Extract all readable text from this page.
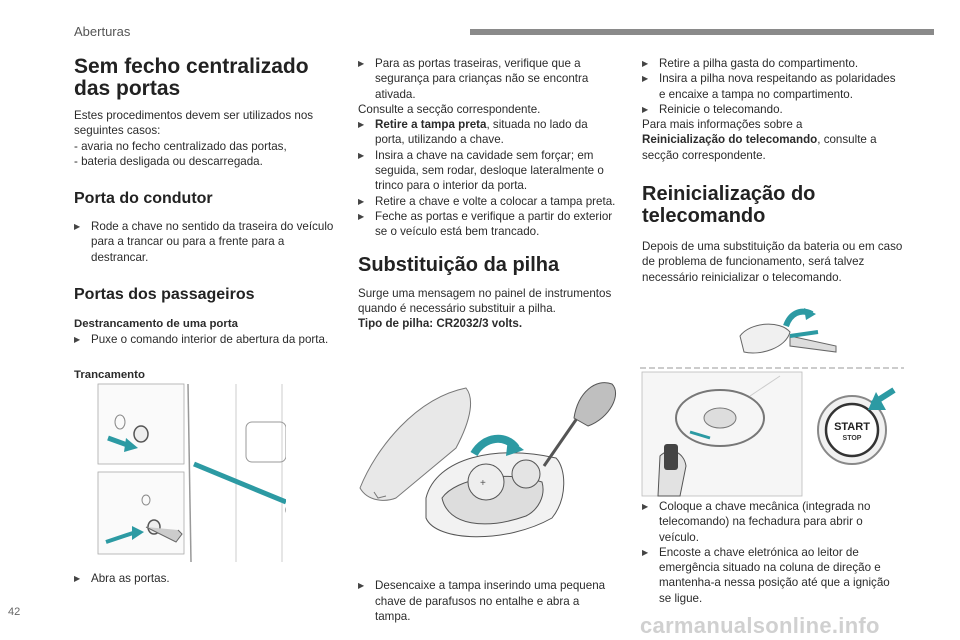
Aberturas
Sem fecho centralizado das portas

Estes procedimentos devem ser utilizados nos seguintes casos:

- avaria no fecho centralizado das portas,

- bateria desligada ou descarregada.

Porta do condutor

▶ Rode a chave no sentido da traseira do veículo para a trancar ou para a frente para a destrancar.

Portas dos passageiros

Destrancamento de uma porta

▶ Puxe o comando interior de abertura da porta.

Trancamento

▶ Abra as portas.

▶ Para as portas traseiras, verifique que a segurança para crianças não se encontra ativada.

Consulte a secção correspondente.

▶ Retire a tampa preta, situada no lado da porta, utilizando a chave.

▶ Insira a chave na cavidade sem forçar; em seguida, sem rodar, desloque lateralmente o trinco para o interior da porta.

▶ Retire a chave e volte a colocar a tampa preta.

▶ Feche as portas e verifique a partir do exterior se o veículo está bem trancado.

Substituição da pilha

Surge uma mensagem no painel de instrumentos quando é necessário substituir a pilha.

Tipo de pilha: CR2032/3 volts.

+

▶ Desencaixe a tampa inserindo uma pequena chave de parafusos no entalhe e abra a tampa.

▶ Retire a pilha gasta do compartimento.

▶ Insira a pilha nova respeitando as polaridades e encaixe a tampa no compartimento.

▶ Reinicie o telecomando.

Para mais informações sobre a

Reinicialização do telecomando, consulte a secção correspondente.

Reinicialização do telecomando

Depois de uma substituição da bateria ou em caso de problema de funcionamento, será talvez necessário reinicializar o telecomando.

START
STOP

▶ Coloque a chave mecânica (integrada no telecomando) na fechadura para abrir o veículo.

▶ Encoste a chave eletrónica ao leitor de emergência situado na coluna de direção e mantenha-a nessa posição até que a ignição se ligue.

42
carmanualsonline.info
